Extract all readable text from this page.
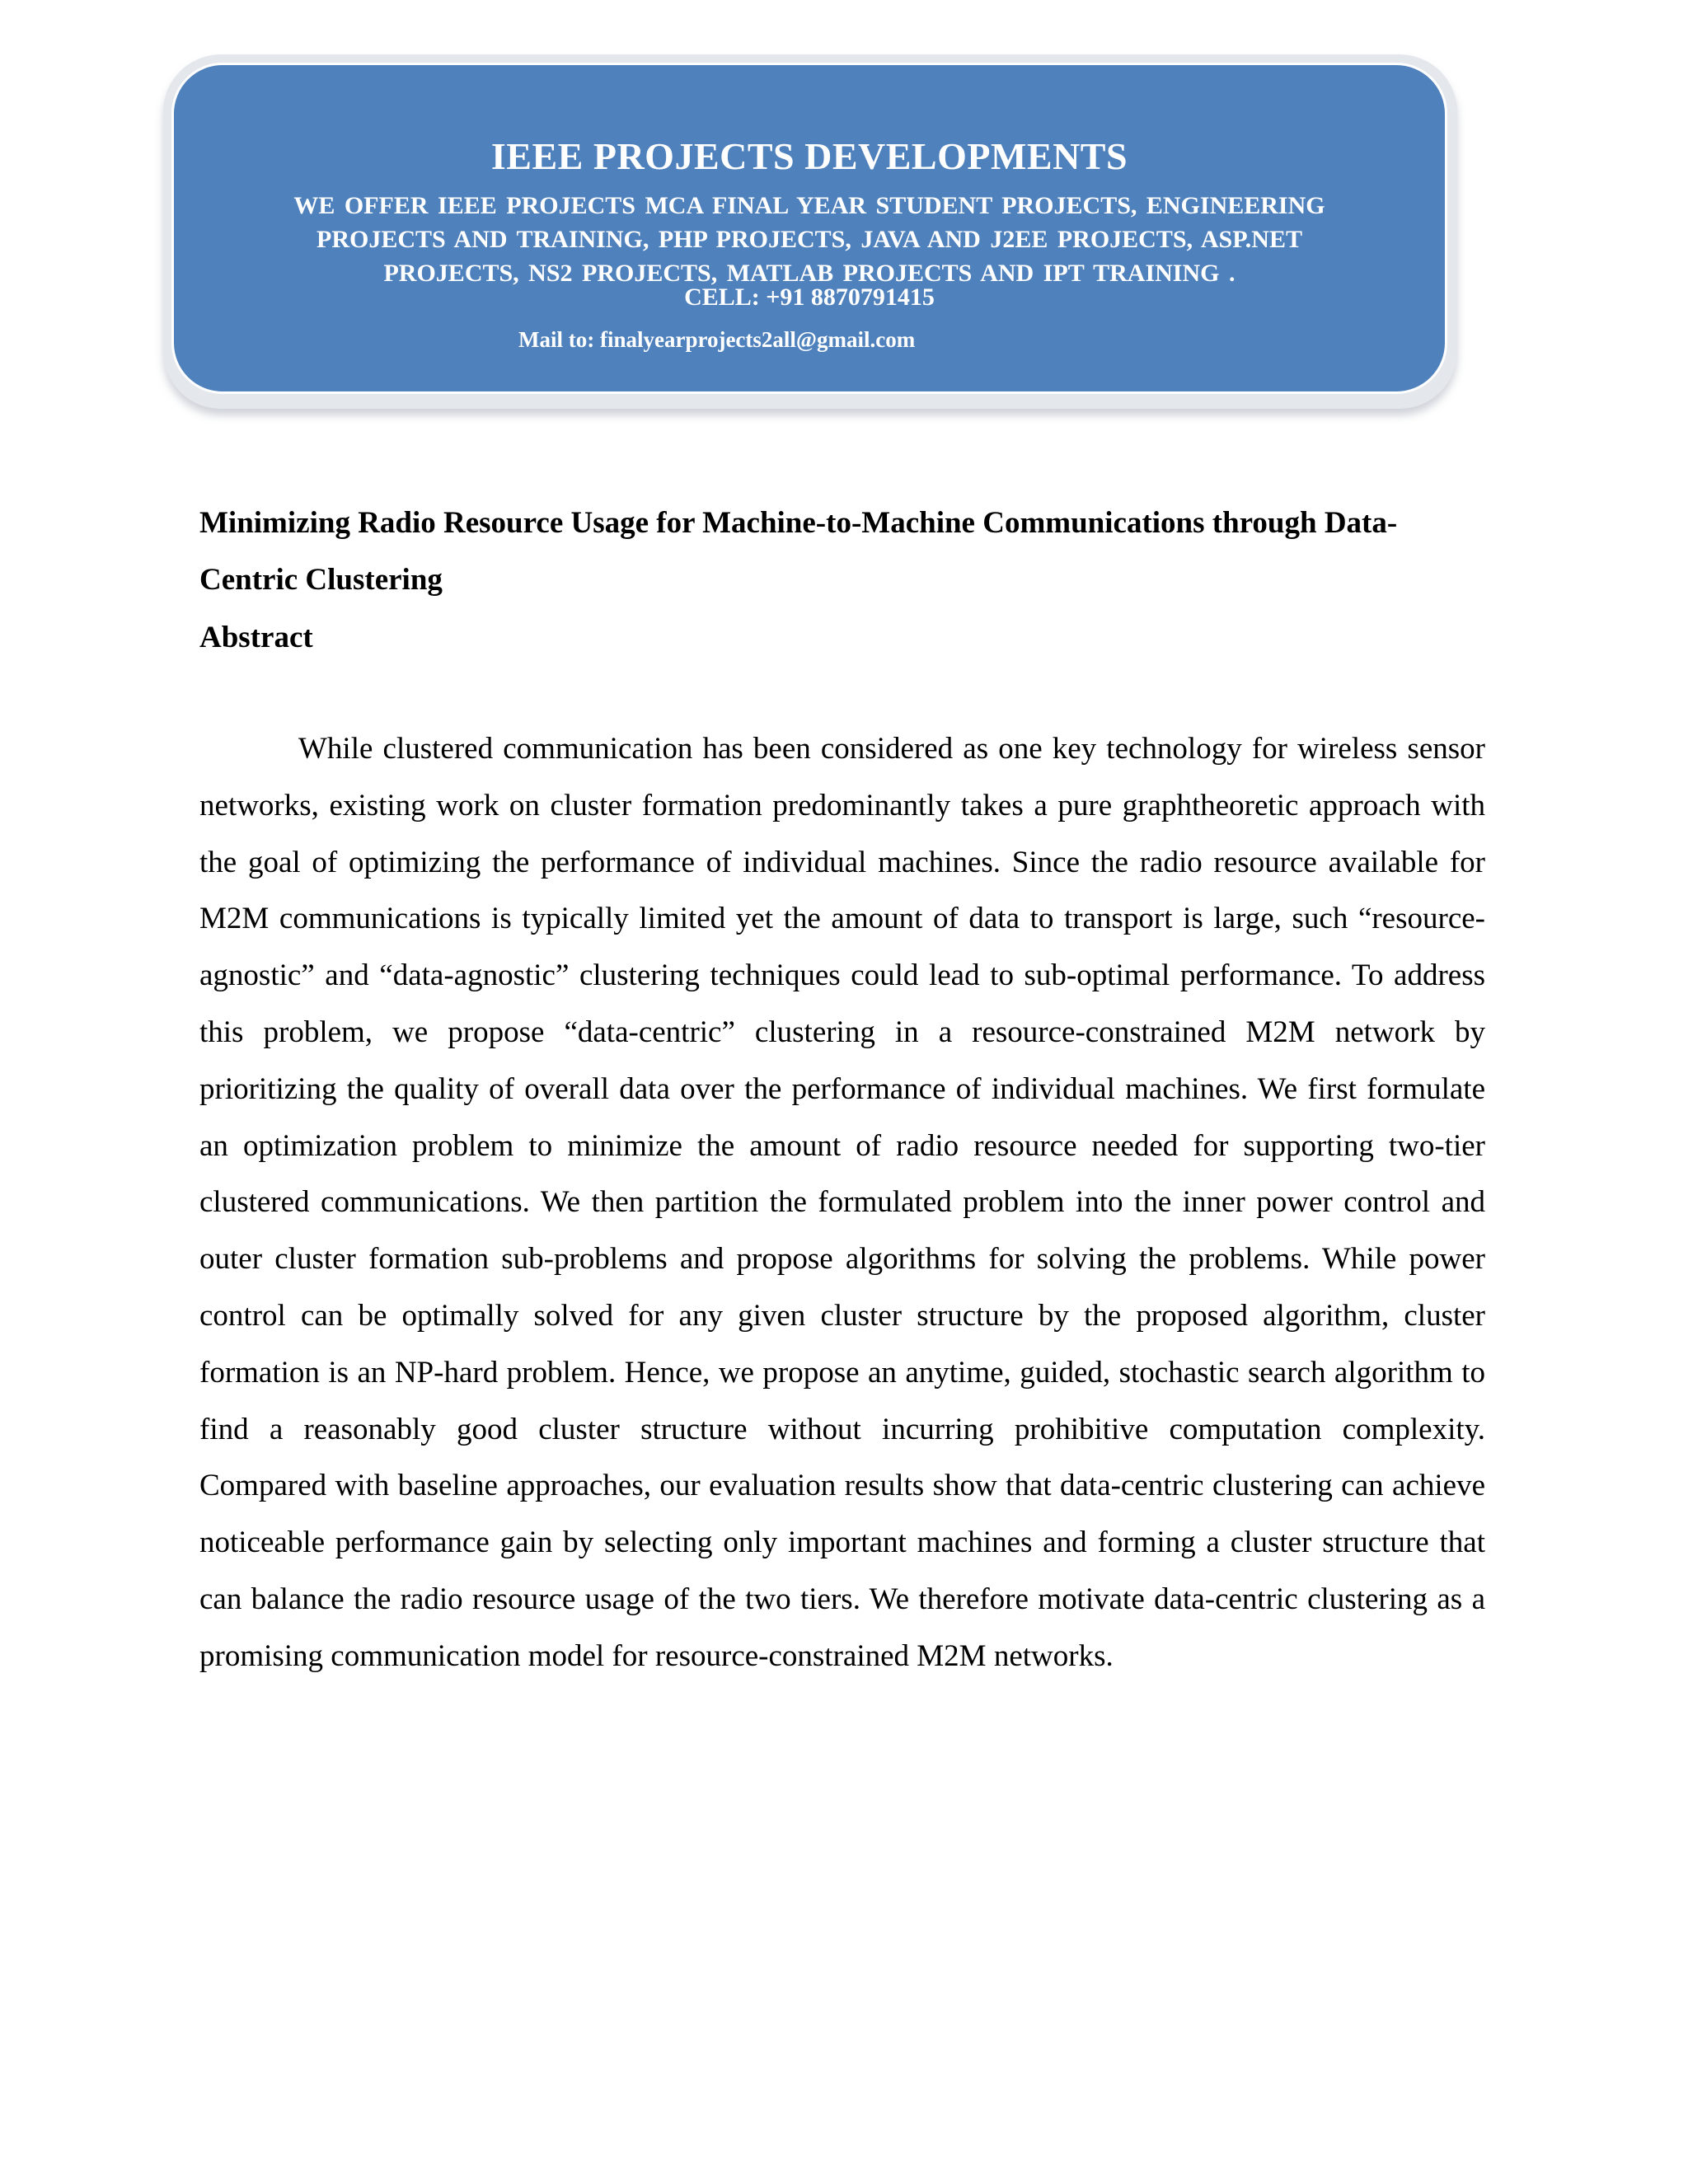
IEEE PROJECTS DEVELOPMENTS
WE OFFER IEEE PROJECTS MCA FINAL YEAR STUDENT PROJECTS, ENGINEERING PROJECTS AND TRAINING, PHP PROJECTS, JAVA AND J2EE PROJECTS, ASP.NET PROJECTS, NS2 PROJECTS, MATLAB PROJECTS AND IPT TRAINING .
CELL: +91 8870791415
Mail to: finalyearprojects2all@gmail.com
Minimizing Radio Resource Usage for Machine-to-Machine Communications through Data-Centric Clustering
Abstract

While clustered communication has been considered as one key technology for wireless sensor networks, existing work on cluster formation predominantly takes a pure graphtheoretic approach with the goal of optimizing the performance of individual machines. Since the radio resource available for M2M communications is typically limited yet the amount of data to transport is large, such “resource-agnostic” and “data-agnostic” clustering techniques could lead to sub-optimal performance. To address this problem, we propose “data-centric” clustering in a resource-constrained M2M network by prioritizing the quality of overall data over the performance of individual machines. We first formulate an optimization problem to minimize the amount of radio resource needed for supporting two-tier clustered communications. We then partition the formulated problem into the inner power control and outer cluster formation sub-problems and propose algorithms for solving the problems. While power control can be optimally solved for any given cluster structure by the proposed algorithm, cluster formation is an NP-hard problem. Hence, we propose an anytime, guided, stochastic search algorithm to find a reasonably good cluster structure without incurring prohibitive computation complexity. Compared with baseline approaches, our evaluation results show that data-centric clustering can achieve noticeable performance gain by selecting only important machines and forming a cluster structure that can balance the radio resource usage of the two tiers. We therefore motivate data-centric clustering as a promising communication model for resource-constrained M2M networks.
